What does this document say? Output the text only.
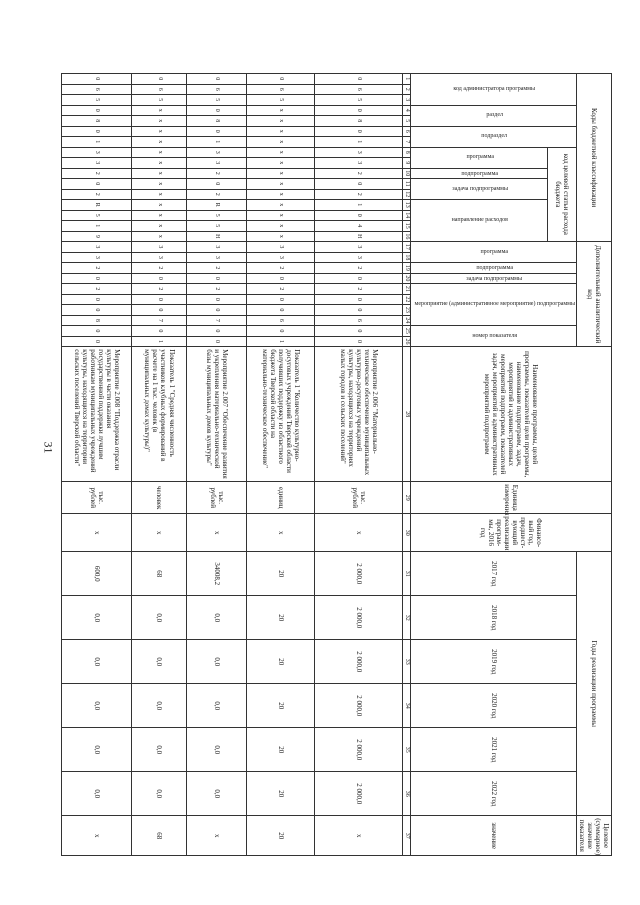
31
Коды бюджетной классификации																Дополнительный аналитический код										Наименование программы, целей программы, показателей цели программы, наименование подпрограмм, задач, мероприятий и административных мероприятий подпрограмм, показателей задач, мероприятий и административных мероприятий подпрограмм	Единица измерения	Финансо-вый год, предшест-вующий реализации програм-мы, 2016 год	Годы реализации программы						Целевое (суммарное) значение показателя
код администратора программы			раздел		подраздел		код целевой статьи расхода бюджета									программа		подпрограмма	задача подпрограммы	мероприятие (административное мероприятие) подпрограммы				номер показателя					2017 год	2018 год	2019 год	2020 год	2021 год	2022 год	значение
							программа		подпрограмма	задача подпрограммы		направление расходов																							

1	2	3	4	5	6	7	8	9	10	11	12	13	14	15	16	17	18	19	20	21	22	23	24	25	26	28	29	30	31	32	33	34	35	36	37
0	6	5	0	8	0	1	3	3	2	0	2	1	0	4	Н	3	3	2	0	2	0	0	6	0	0	Мероприятие 2.006 "Материально-техническое обеспечение муниципальных культурно-досуговых учреждений культуры, находящихся на территориях малых городов и сельских поселений"	тыс. рублей	х	2 000,0	2 000,0	2 000,0	2 000,0	2 000,0	2 000,0	х
0	6	5	х	х	х	х	х	х	х	х	х	х	х	х	х	3	3	2	0	2	0	0	6	0	1	Показатель 1 "Количество культурно-досуговых учреждений Тверской области получивших поддержку из областного бюджета Тверской области на материально-техническое обеспечение"	единиц	х	20	20	20	20	20	20	20
0	6	5	0	8	0	1	3	3	2	0	2	R	5	5	Н	3	3	2	0	2	0	0	7	0	0	Мероприятие 2.007 "Обеспечение развития и укрепления материально-технической базы муниципальных домов культуры"	тыс. рублей	х	34008,2	0,0	0,0	0,0	0,0	0,0	х
0	6	5	х	х	х	х	х	х	х	х	х	х	х	х	х	3	3	2	0	2	0	0	7	0	1	Показатель 1 "Средняя численность участников клубных формирований в расчете на 1 тыс. человек (в муниципальных домах культуры)"	человек	х	68	0,0	0,0	0,0	0,0	0,0	68
0	6	5	0	8	0	1	3	3	2	0	2	R	5	1	9	3	3	2	0	2	0	0	8	0	0	Мероприятие 2.008 "Поддержка отрасли культуры в части оказания государственной поддержки лучшим работникам муниципальных учреждений культуры, находящихся на территории сельских поселений Тверской области"	тыс. рублей	х	600,0	0,0	0,0	0,0	0,0	0,0	х
